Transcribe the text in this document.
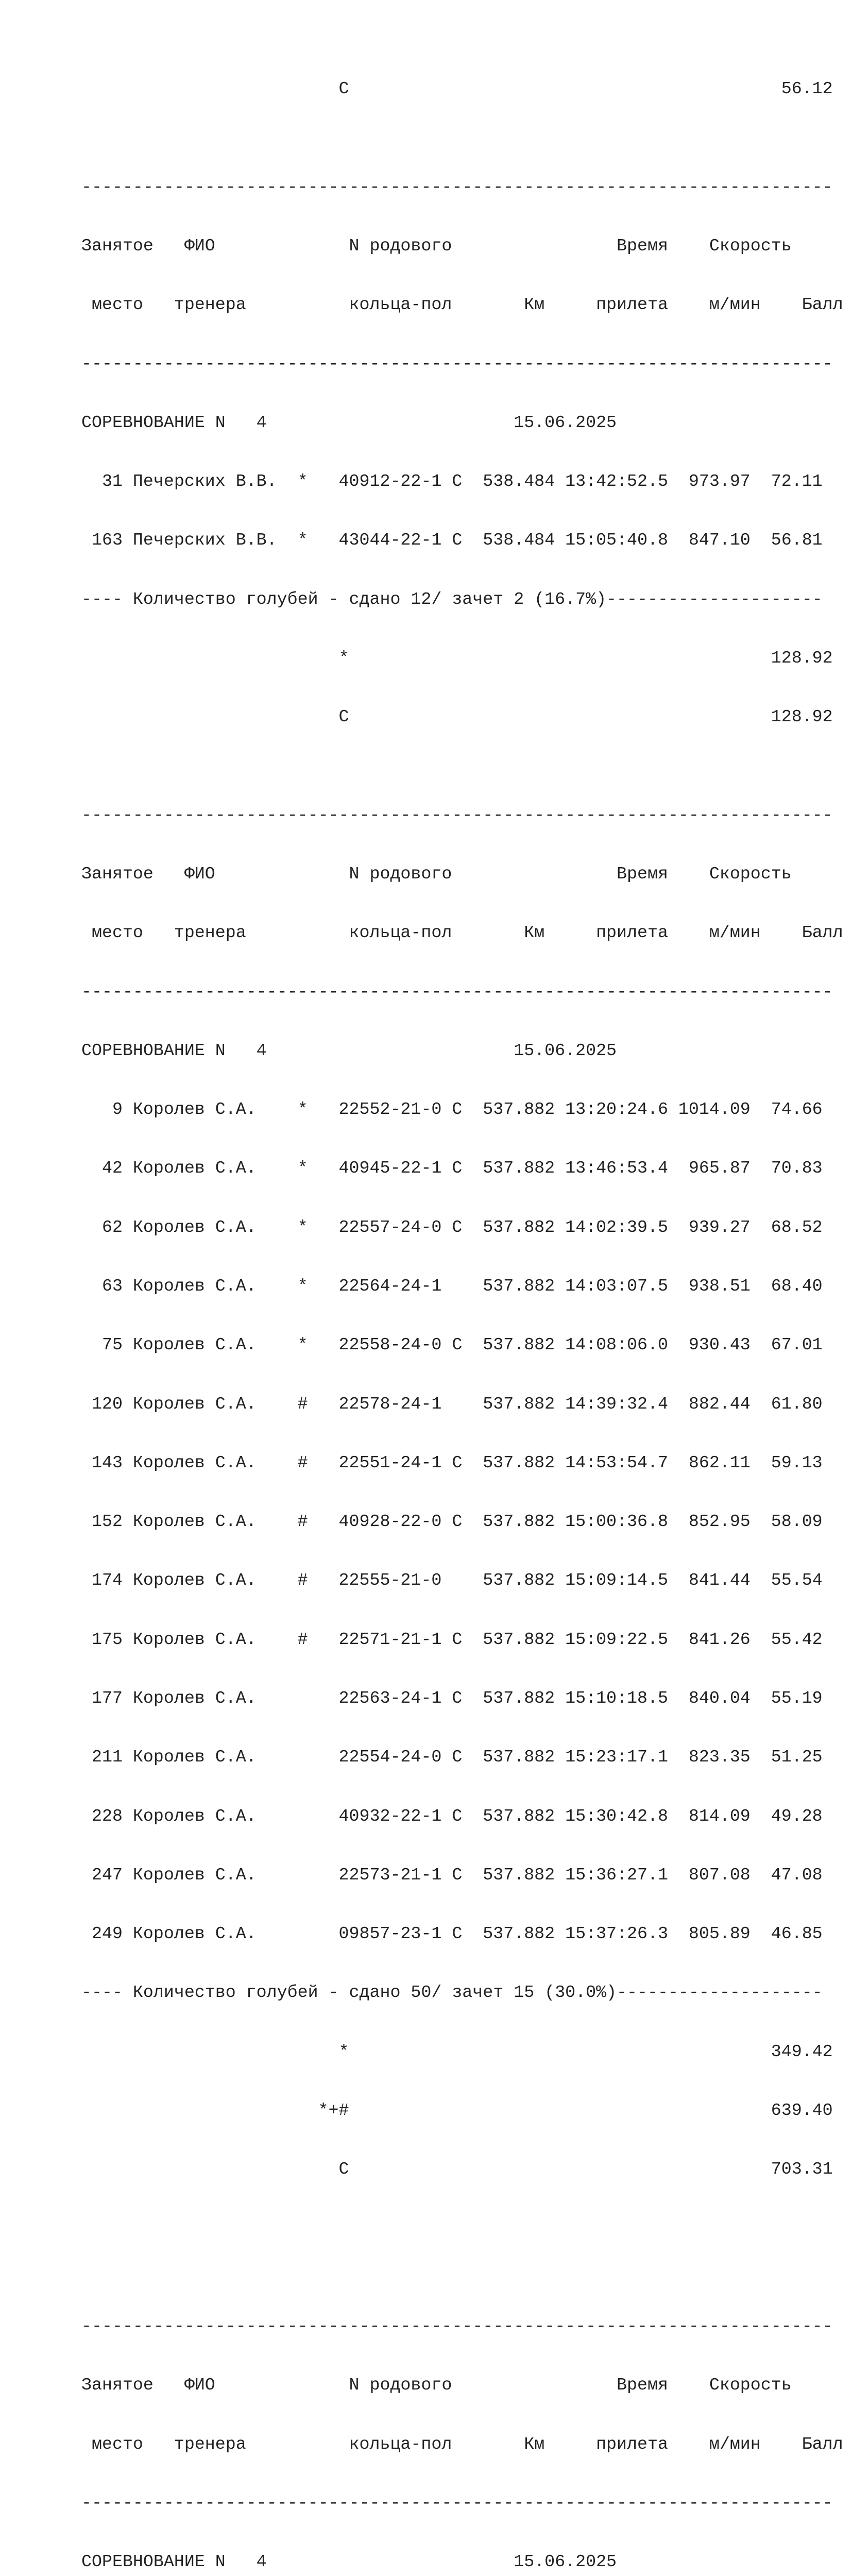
С                                          56.12

-------------------------------------------------------------------------

Занятое   ФИО             N родового                Время    Скорость

место   тренера          кольца-пол       Км     прилета    м/мин    Балл

-------------------------------------------------------------------------

СОРЕВНОВАНИЕ N   4                        15.06.2025

31 Печерских В.В.  *   40912-22-1 С  538.484 13:42:52.5  973.97  72.11

163 Печерских В.В.  *   43044-22-1 С  538.484 15:05:40.8  847.10  56.81

---- Количество голубей - сдано 12/ зачет 2 (16.7%)---------------------

*                                         128.92

С                                         128.92

-------------------------------------------------------------------------

Занятое   ФИО             N родового                Время    Скорость

место   тренера          кольца-пол       Км     прилета    м/мин    Балл

-------------------------------------------------------------------------

СОРЕВНОВАНИЕ N   4                        15.06.2025

9 Королев С.А.    *   22552-21-0 С  537.882 13:20:24.6 1014.09  74.66

42 Королев С.А.    *   40945-22-1 С  537.882 13:46:53.4  965.87  70.83

62 Королев С.А.    *   22557-24-0 С  537.882 14:02:39.5  939.27  68.52

63 Королев С.А.    *   22564-24-1    537.882 14:03:07.5  938.51  68.40

75 Королев С.А.    *   22558-24-0 С  537.882 14:08:06.0  930.43  67.01

120 Королев С.А.    #   22578-24-1    537.882 14:39:32.4  882.44  61.80

143 Королев С.А.    #   22551-24-1 С  537.882 14:53:54.7  862.11  59.13

152 Королев С.А.    #   40928-22-0 С  537.882 15:00:36.8  852.95  58.09

174 Королев С.А.    #   22555-21-0    537.882 15:09:14.5  841.44  55.54

175 Королев С.А.    #   22571-21-1 С  537.882 15:09:22.5  841.26  55.42

177 Королев С.А.        22563-24-1 С  537.882 15:10:18.5  840.04  55.19

211 Королев С.А.        22554-24-0 С  537.882 15:23:17.1  823.35  51.25

228 Королев С.А.        40932-22-1 С  537.882 15:30:42.8  814.09  49.28

247 Королев С.А.        22573-21-1 С  537.882 15:36:27.1  807.08  47.08

249 Королев С.А.        09857-23-1 С  537.882 15:37:26.3  805.89  46.85

---- Количество голубей - сдано 50/ зачет 15 (30.0%)--------------------

*                                         349.42

*+#                                         639.40

С                                         703.31

-------------------------------------------------------------------------

Занятое   ФИО             N родового                Время    Скорость

место   тренера          кольца-пол       Км     прилета    м/мин    Балл

-------------------------------------------------------------------------

СОРЕВНОВАНИЕ N   4                        15.06.2025
